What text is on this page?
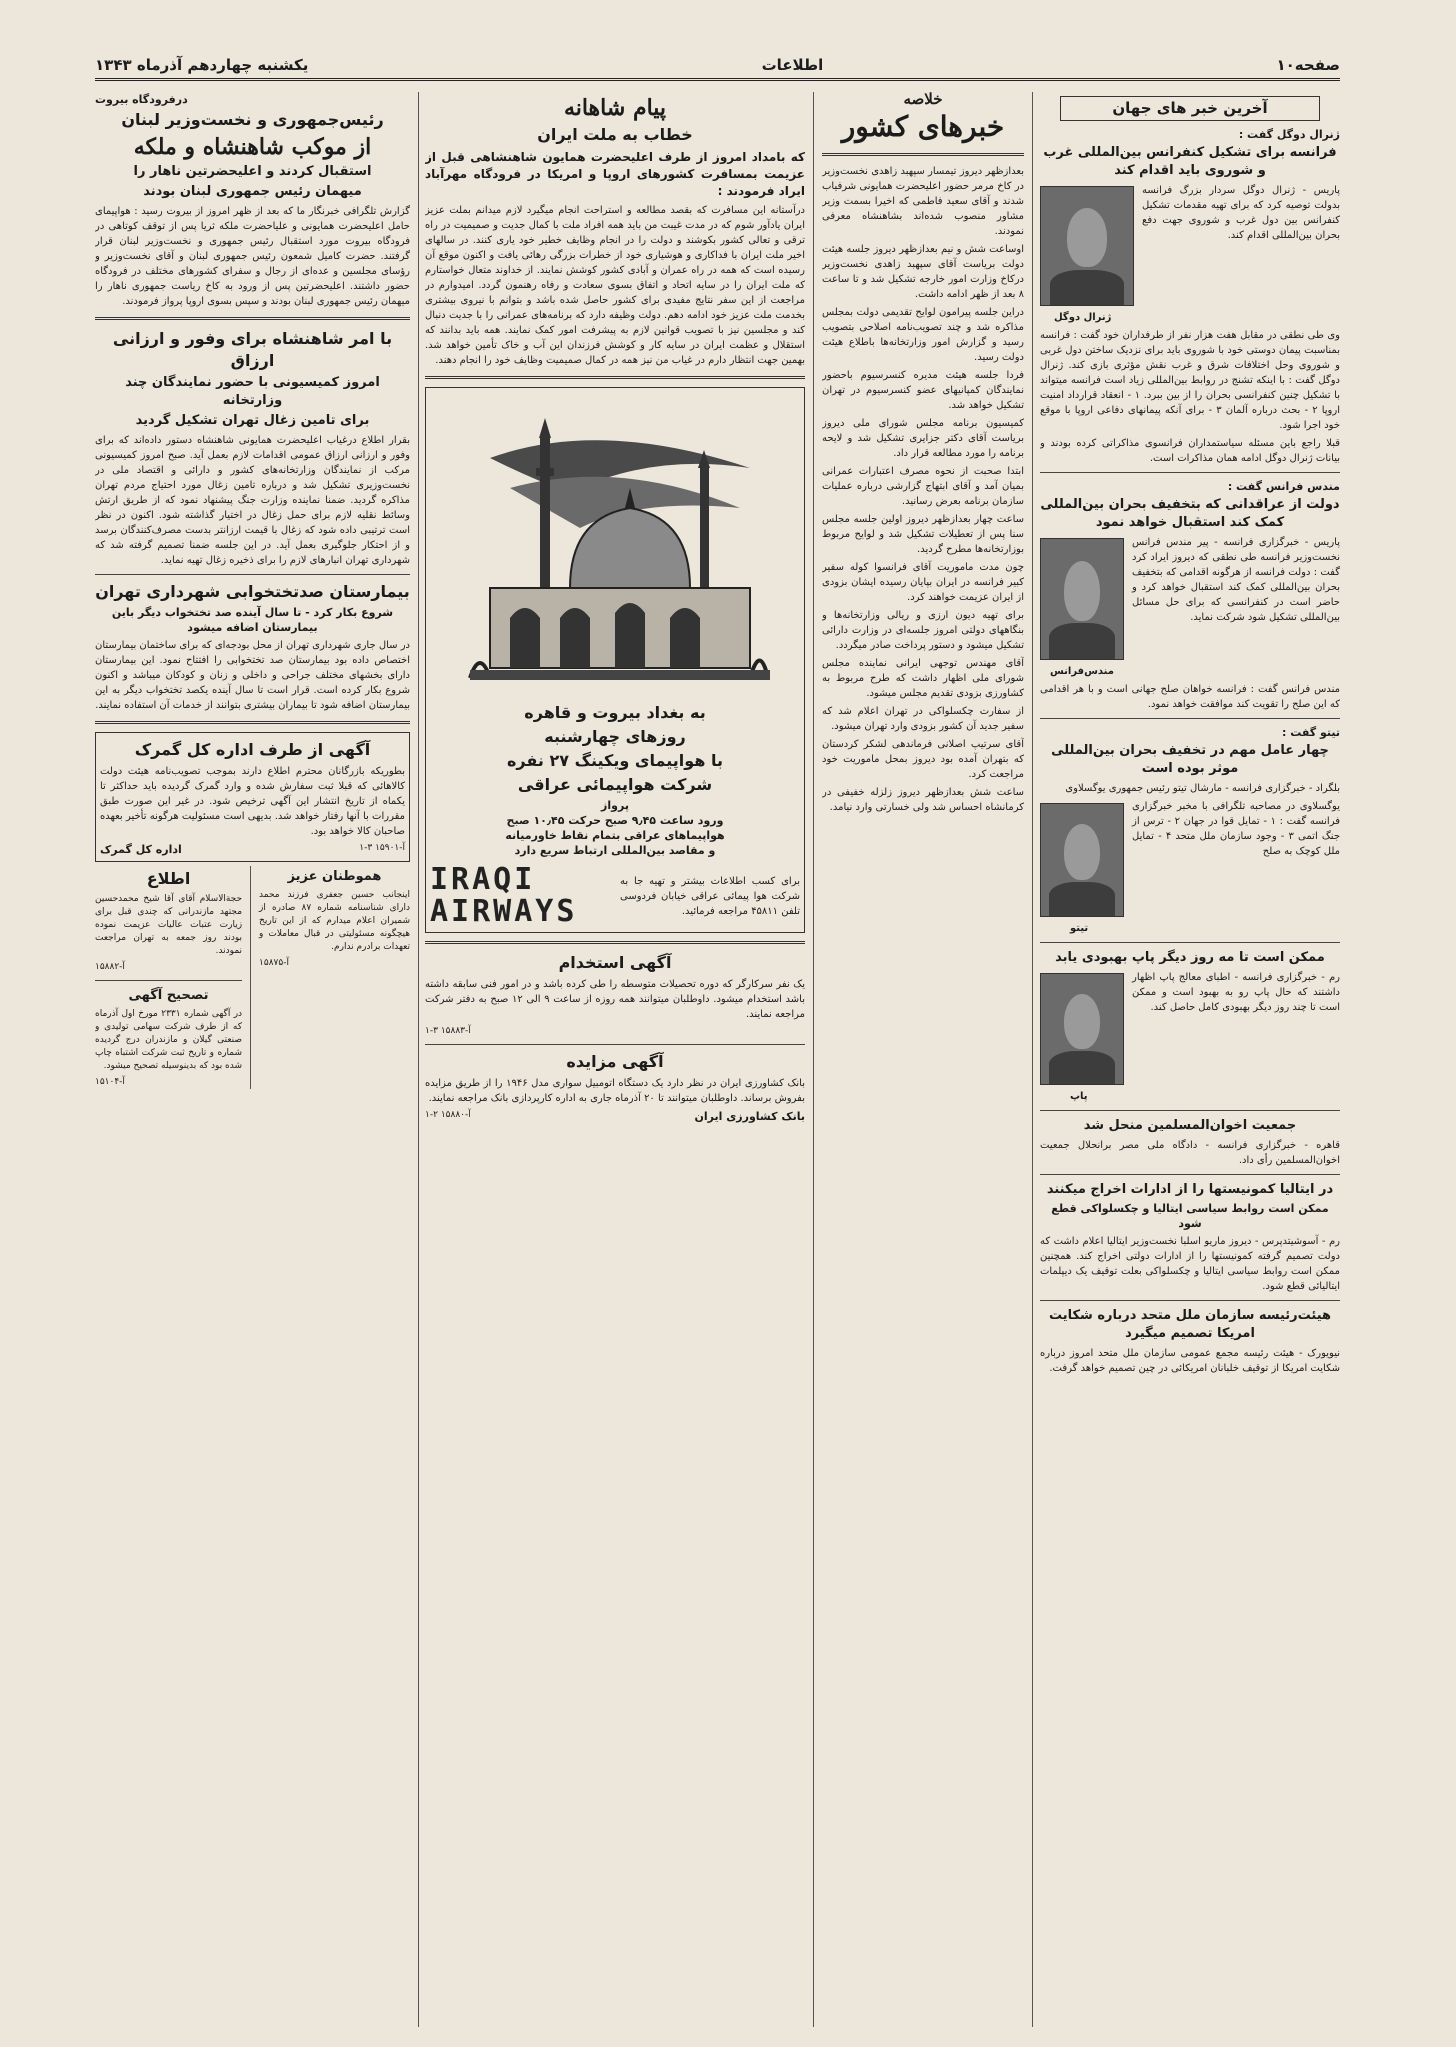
صفحه۱۰
اطلاعات
یکشنبه چهاردهم آذرماه ۱۳۴۳
آخرین خبر های جهان
ژنرال دوگل گفت :
فرانسه برای تشکیل کنفرانس بین‌المللی غرب و شوروی باید اقدام کند

پاریس - ژنرال دوگل سردار بزرگ فرانسه بدولت توصیه کرد که برای تهیه مقدمات تشکیل کنفرانس بین دول غرب و شوروی جهت دفع بحران بین‌المللی اقدام کند.

ژنرال دوگل

وی طی نطقی در مقابل هفت هزار نفر از طرفداران خود گفت : فرانسه بمناسبت پیمان دوستی خود با شوروی باید برای نزدیک ساختن دول غربی و شوروی وحل اختلافات شرق و غرب نقش مؤثری بازی کند. ژنرال دوگل گفت : با اینکه تشنج در روابط بین‌المللی زیاد است فرانسه میتواند با تشکیل چنین کنفرانسی بحران را از بین ببرد. ۱ - انعقاد قرارداد امنیت اروپا ۲ - بحث درباره آلمان ۳ - برای آنکه پیمانهای دفاعی اروپا با موقع خود اجرا شود.

قبلا راجع باین مسئله سیاستمداران فرانسوی مذاکراتی کرده بودند و بیانات ژنرال دوگل ادامه همان مذاکرات است.

مندس فرانس گفت :
دولت از عراقدانی که بتخفیف بحران بین‌المللی کمک کند استقبال خواهد نمود

پاریس - خبرگزاری فرانسه - پیر مندس فرانس نخست‌وزیر فرانسه طی نطقی که دیروز ایراد کرد گفت : دولت فرانسه از هرگونه اقدامی که بتخفیف بحران بین‌المللی کمک کند استقبال خواهد کرد و حاضر است در کنفرانسی که برای حل مسائل بین‌المللی تشکیل شود شرکت نماید.

مندس‌فرانس

مندس فرانس گفت : فرانسه خواهان صلح جهانی است و با هر اقدامی که این صلح را تقویت کند موافقت خواهد نمود.

تیتو گفت :
چهار عامل مهم در تخفیف بحران بین‌المللی موثر بوده است

بلگراد - خبرگزاری فرانسه - مارشال تیتو رئیس جمهوری یوگسلاوی

یوگسلاوی در مصاحبه تلگرافی با مخبر خبرگزاری فرانسه گفت : ۱ - تمایل قوا در جهان ۲ - ترس از جنگ اتمی ۳ - وجود سازمان ملل متحد ۴ - تمایل ملل کوچک به صلح

تیتو
ممکن است تا مه روز دیگر پاپ بهبودی یابد

رم - خبرگزاری فرانسه - اطبای معالج پاپ اظهار داشتند که حال پاپ رو به بهبود است و ممکن است تا چند روز دیگر بهبودی کامل حاصل کند.

پاپ
جمعیت اخوان‌المسلمین منحل شد

قاهره - خبرگزاری فرانسه - دادگاه ملی مصر برانحلال جمعیت اخوان‌المسلمین رأی داد.

در ایتالیا کمونیستها را از ادارات اخراج میکنند
ممکن است روابط سیاسی ایتالیا و چکسلواکی قطع شود

رم - آسوشیتدپرس - دیروز ماریو اسلبا نخست‌وزیر ایتالیا اعلام داشت که دولت تصمیم گرفته کمونیستها را از ادارات دولتی اخراج کند. همچنین ممکن است روابط سیاسی ایتالیا و چکسلواکی بعلت توقیف یک دیپلمات ایتالیائی قطع شود.

هیئت‌رئیسه سازمان ملل متحد درباره شکایت امریکا تصمیم میگیرد

نیویورک - هیئت رئیسه مجمع عمومی سازمان ملل متحد امروز درباره شکایت امریکا از توقیف خلبانان امریکائی در چین تصمیم خواهد گرفت.

خلاصه
خبرهای کشور

بعدازظهر دیروز تیمسار سپهبد زاهدی نخست‌وزیر در کاخ مرمر حضور اعلیحضرت همایونی شرفیاب شدند و آقای سعید فاطمی که اخیرا بسمت وزیر مشاور منصوب شده‌اند بشاهنشاه معرفی نمودند.

اوساعت شش و نیم بعدازظهر دیروز جلسه هیئت دولت بریاست آقای سپهبد زاهدی نخست‌وزیر درکاخ وزارت امور خارجه تشکیل شد و تا ساعت ۸ بعد از ظهر ادامه داشت.

دراین جلسه پیرامون لوایح تقدیمی دولت بمجلس مذاکره شد و چند تصویب‌نامه اصلاحی بتصویب رسید و گزارش امور وزارتخانه‌ها باطلاع هیئت دولت رسید.

فردا جلسه هیئت مدیره کنسرسیوم باحضور نمایندگان کمپانیهای عضو کنسرسیوم در تهران تشکیل خواهد شد.

کمیسیون برنامه مجلس شورای ملی دیروز بریاست آقای دکتر جزایری تشکیل شد و لایحه برنامه را مورد مطالعه قرار داد.

ابتدا صحبت از نحوه مصرف اعتبارات عمرانی بمیان آمد و آقای ابتهاج گزارشی درباره عملیات سازمان برنامه بعرض رسانید.

ساعت چهار بعدازظهر دیروز اولین جلسه مجلس سنا پس از تعطیلات تشکیل شد و لوایح مربوط بوزارتخانه‌ها مطرح گردید.

چون مدت ماموریت آقای فرانسوا کوله سفیر کبیر فرانسه در ایران بپایان رسیده ایشان بزودی از ایران عزیمت خواهند کرد.

برای تهیه دیون ارزی و ریالی وزارتخانه‌ها و بنگاههای دولتی امروز جلسه‌ای در وزارت دارائی تشکیل میشود و دستور پرداخت صادر میگردد.

آقای مهندس توجهی ایرانی نماینده مجلس شورای ملی اظهار داشت که طرح مربوط به کشاورزی بزودی تقدیم مجلس میشود.

از سفارت چکسلواکی در تهران اعلام شد که سفیر جدید آن کشور بزودی وارد تهران میشود.

آقای سرتیپ اصلانی فرماندهی لشکر کردستان که بتهران آمده بود دیروز بمحل ماموریت خود مراجعت کرد.

ساعت شش بعدازظهر دیروز زلزله خفیفی در کرمانشاه احساس شد ولی خسارتی وارد نیامد.

پیام شاهانه
خطاب به ملت ایران

که بامداد امروز از طرف اعلیحضرت همایون شاهنشاهی قبل از عزیمت بمسافرت کشورهای اروپا و امریکا در فرودگاه مهرآباد ایراد فرمودند :

درآستانه این مسافرت که بقصد مطالعه و استراحت انجام میگیرد لازم میدانم بملت عزیز ایران یادآور شوم که در مدت غیبت من باید همه افراد ملت با کمال جدیت و صمیمیت در راه ترقی و تعالی کشور بکوشند و دولت را در انجام وظایف خطیر خود یاری کنند. در سالهای اخیر ملت ایران با فداکاری و هوشیاری خود از خطرات بزرگی رهائی یافت و اکنون موقع آن رسیده است که همه در راه عمران و آبادی کشور کوشش نمایند. از خداوند متعال خواستارم که ملت ایران را در سایه اتحاد و اتفاق بسوی سعادت و رفاه رهنمون گردد. امیدوارم در مراجعت از این سفر نتایج مفیدی برای کشور حاصل شده باشد و بتوانم با نیروی بیشتری بخدمت ملت عزیز خود ادامه دهم. دولت وظیفه دارد که برنامه‌های عمرانی را با جدیت دنبال کند و مجلسین نیز با تصویب قوانین لازم به پیشرفت امور کمک نمایند. همه باید بدانند که استقلال و عظمت ایران در سایه کار و کوشش فرزندان این آب و خاک تأمین خواهد شد. بهمین جهت انتظار دارم در غیاب من نیز همه در کمال صمیمیت وظایف خود را انجام دهند.

به بغداد بیروت و قاهره
روزهای چهارشنبه
با هواپیمای ویکینگ ۲۷ نفره
شرکت هواپیمائی عراقی
پرواز
ورود ساعت ۹٫۴۵ صبح حرکت ۱۰٫۴۵ صبح
هواپیماهای عراقی بتمام نقاط خاورمیانه
و مقاصد بین‌المللی ارتباط سریع دارد

برای کسب اطلاعات بیشتر و تهیه جا به شرکت هوا پیمائی عراقی خیابان فردوسی تلفن ۴۵۸۱۱ مراجعه فرمائید.

IRAQI
AIRWAYS
آگهی استخدام

یک نفر سرکارگر که دوره تحصیلات متوسطه را طی کرده باشد و در امور فنی سابقه داشته باشد استخدام میشود. داوطلبان میتوانند همه روزه از ساعت ۹ الی ۱۲ صبح به دفتر شرکت مراجعه نمایند.

آ-۱۵۸۸۳ ۳-۱
آگهی مزایده

بانک کشاورزی ایران در نظر دارد یک دستگاه اتومبیل سواری مدل ۱۹۴۶ را از طریق مزایده بفروش برساند. داوطلبان میتوانند تا ۲۰ آذرماه جاری به اداره کارپردازی بانک مراجعه نمایند.

بانک کشاورزی ایران
آ-۱۵۸۸۰ ۲-۱
درفرودگاه بیروت
رئیس‌جمهوری و نخست‌وزیر لبنان
از موکب شاهنشاه و ملکه
استقبال کردند و اعلیحضرتین ناهار را
میهمان رئیس جمهوری لبنان بودند

گزارش تلگرافی خبرنگار ما که بعد از ظهر امروز از بیروت رسید : هواپیمای حامل اعلیحضرت همایونی و علیاحضرت ملکه ثریا پس از توقف کوتاهی در فرودگاه بیروت مورد استقبال رئیس جمهوری و نخست‌وزیر لبنان قرار گرفتند. حضرت کامیل شمعون رئیس جمهوری لبنان و آقای نخست‌وزیر و رؤسای مجلسین و عده‌ای از رجال و سفرای کشورهای مختلف در فرودگاه حضور داشتند. اعلیحضرتین پس از ورود به کاخ ریاست جمهوری ناهار را میهمان رئیس جمهوری لبنان بودند و سپس بسوی اروپا پرواز فرمودند.

با امر شاهنشاه برای وفور و ارزانی ارزاق
امروز کمیسیونی با حضور نمایندگان چند وزارتخانه
برای تامین زغال تهران تشکیل گردید

بقرار اطلاع درغیاب اعلیحضرت همایونی شاهنشاه دستور داده‌اند که برای وفور و ارزانی ارزاق عمومی اقدامات لازم بعمل آید. صبح امروز کمیسیونی مرکب از نمایندگان وزارتخانه‌های کشور و دارائی و اقتصاد ملی در نخست‌وزیری تشکیل شد و درباره تامین زغال مورد احتیاج مردم تهران مذاکره گردید. ضمنا نماینده وزارت جنگ پیشنهاد نمود که از طریق ارتش وسائط نقلیه لازم برای حمل زغال در اختیار گذاشته شود. اکنون در نظر است ترتیبی داده شود که زغال با قیمت ارزانتر بدست مصرف‌کنندگان برسد و از احتکار جلوگیری بعمل آید. در این جلسه ضمنا تصمیم گرفته شد که شهرداری تهران انبارهای لازم را برای ذخیره زغال تهیه نماید.

بیمارستان صدتختخوابی شهرداری تهران
شروع بکار کرد - تا سال آینده صد تختخواب دیگر باین بیمارستان اضافه میشود

در سال جاری شهرداری تهران از محل بودجه‌ای که برای ساختمان بیمارستان اختصاص داده بود بیمارستان صد تختخوابی را افتتاح نمود. این بیمارستان دارای بخشهای مختلف جراحی و داخلی و زنان و کودکان میباشد و اکنون شروع بکار کرده است. قرار است تا سال آینده یکصد تختخواب دیگر به این بیمارستان اضافه شود تا بیماران بیشتری بتوانند از خدمات آن استفاده نمایند.

آگهی از طرف اداره کل گمرک

بطوریکه بازرگانان محترم اطلاع دارند بموجب تصویب‌نامه هیئت دولت کالاهائی که قبلا ثبت سفارش شده و وارد گمرک گردیده باید حداکثر تا یکماه از تاریخ انتشار این آگهی ترخیص شود. در غیر این صورت طبق مقررات با آنها رفتار خواهد شد. بدیهی است مسئولیت هرگونه تأخیر بعهده صاحبان کالا خواهد بود.

آ-۱۵۹۰۱ ۳-۱
اداره کل گمرک
هموطنان عزیز

اینجانب حسین جعفری فرزند محمد دارای شناسنامه شماره ۸۷ صادره از شمیران اعلام میدارم که از این تاریخ هیچگونه مسئولیتی در قبال معاملات و تعهدات برادرم ندارم.

آ-۱۵۸۷۵
اطلاع

حجة‌الاسلام آقای آقا شیخ محمدحسین مجتهد مازندرانی که چندی قبل برای زیارت عتبات عالیات عزیمت نموده بودند روز جمعه به تهران مراجعت نمودند.

آ-۱۵۸۸۲
تصحیح آگهی

در آگهی شماره ۲۳۳۱ مورخ اول آذرماه که از طرف شرکت سهامی تولیدی و صنعتی گیلان و مازندران درج گردیده شماره و تاریخ ثبت شرکت اشتباه چاپ شده بود که بدینوسیله تصحیح میشود.

آ-۱۵۱۰۴
